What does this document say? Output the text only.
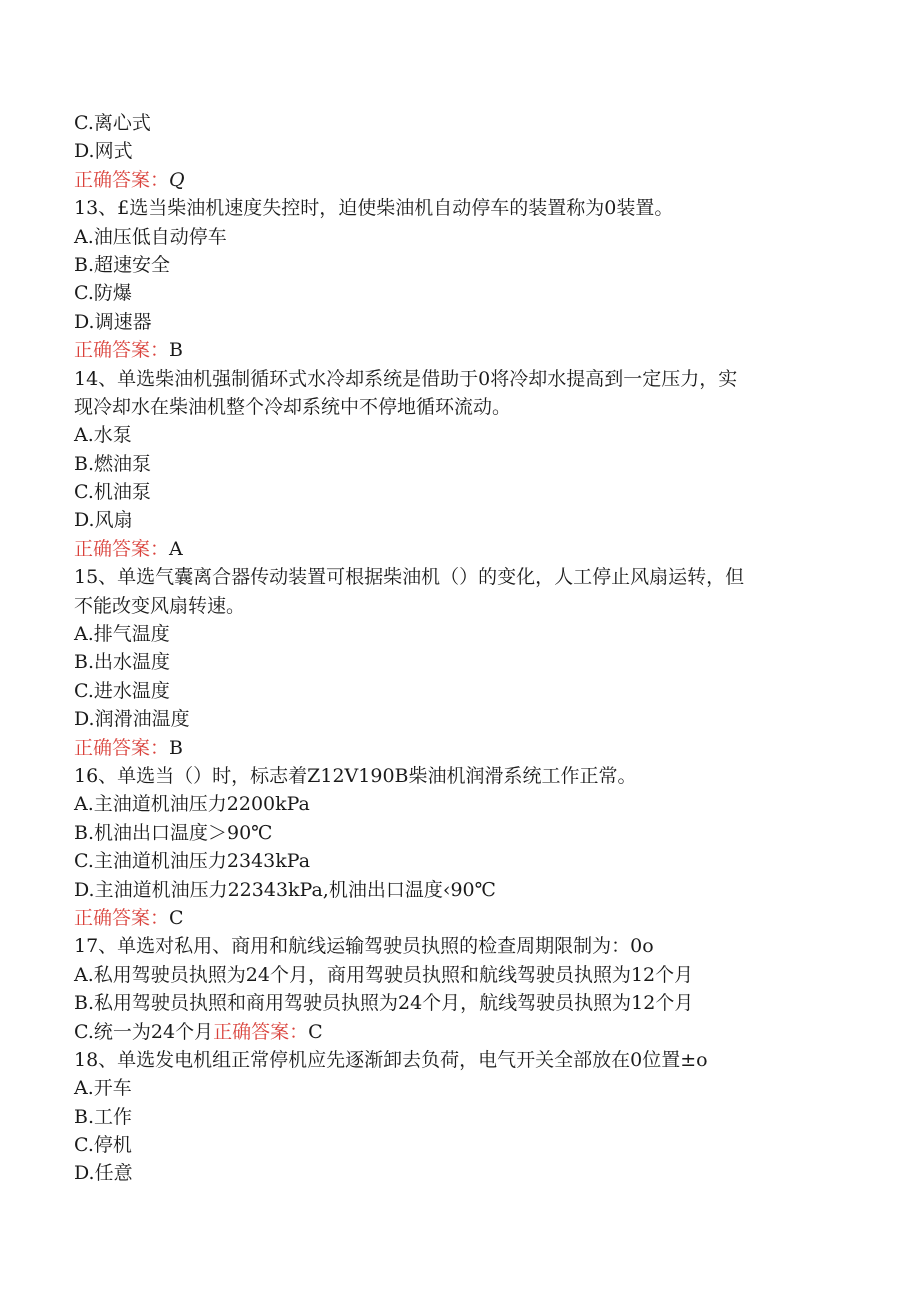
C.离心式
D.网式
正确答案：Q
13、£选当柴油机速度失控时，迫使柴油机自动停车的装置称为0装置。
A.油压低自动停车
B.超速安全
C.防爆
D.调速器
正确答案：B
14、单选柴油机强制循环式水冷却系统是借助于0将冷却水提高到一定压力，实
现冷却水在柴油机整个冷却系统中不停地循环流动。
A.水泵
B.燃油泵
C.机油泵
D.风扇
正确答案：A
15、单选气囊离合器传动装置可根据柴油机（）的变化，人工停止风扇运转，但
不能改变风扇转速。
A.排气温度
B.出水温度
C.进水温度
D.润滑油温度
正确答案：B
16、单选当（）时，标志着Z12V190B柴油机润滑系统工作正常。
A.主油道机油压力2200kPa
B.机油出口温度＞90℃
C.主油道机油压力2343kPa
D.主油道机油压力22343kPa,机油出口温度‹90℃
正确答案：C
17、单选对私用、商用和航线运输驾驶员执照的检查周期限制为：0o
A.私用驾驶员执照为24个月，商用驾驶员执照和航线驾驶员执照为12个月
B.私用驾驶员执照和商用驾驶员执照为24个月，航线驾驶员执照为12个月
C.统一为24个月正确答案：C
18、单选发电机组正常停机应先逐渐卸去负荷，电气开关全部放在0位置±o
A.开车
B.工作
C.停机
D.任意
